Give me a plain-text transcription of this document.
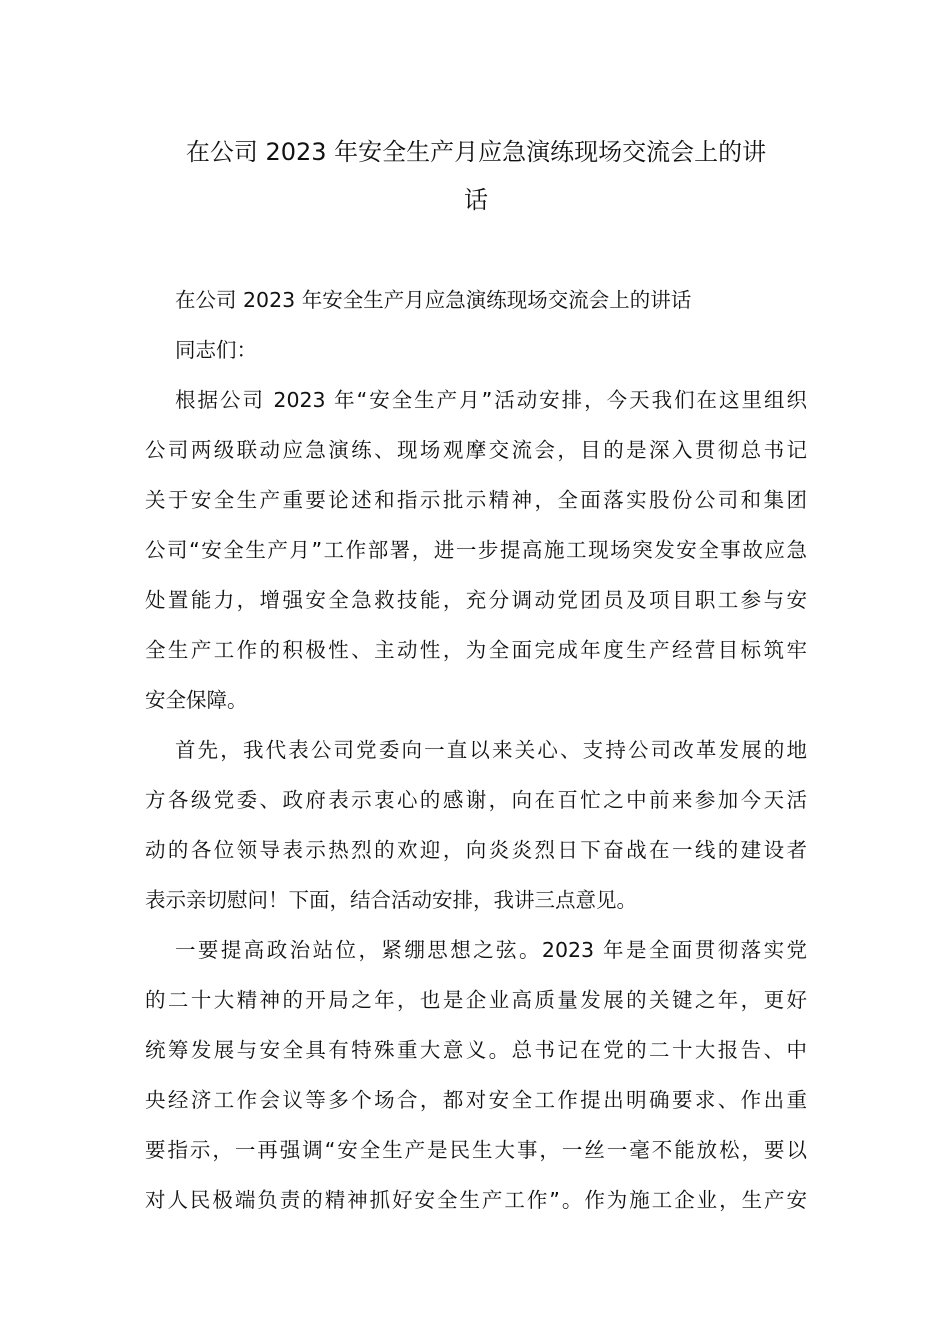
在公司 2023 年安全生产月应急演练现场交流会上的讲
话
在公司 2023 年安全生产月应急演练现场交流会上的讲话
同志们：
根据公司 2023 年“安全生产月”活动安排，今天我们在这里组织
公司两级联动应急演练、现场观摩交流会，目的是深入贯彻总书记
关于安全生产重要论述和指示批示精神，全面落实股份公司和集团
公司“安全生产月”工作部署，进一步提高施工现场突发安全事故应急
处置能力，增强安全急救技能，充分调动党团员及项目职工参与安
全生产工作的积极性、主动性，为全面完成年度生产经营目标筑牢
安全保障。
首先，我代表公司党委向一直以来关心、支持公司改革发展的地
方各级党委、政府表示衷心的感谢，向在百忙之中前来参加今天活
动的各位领导表示热烈的欢迎，向炎炎烈日下奋战在一线的建设者
表示亲切慰问！下面，结合活动安排，我讲三点意见。
一要提高政治站位，紧绷思想之弦。2023 年是全面贯彻落实党
的二十大精神的开局之年，也是企业高质量发展的关键之年，更好
统筹发展与安全具有特殊重大意义。总书记在党的二十大报告、中
央经济工作会议等多个场合，都对安全工作提出明确要求、作出重
要指示，一再强调“安全生产是民生大事，一丝一毫不能放松，要以
对人民极端负责的精神抓好安全生产工作”。作为施工企业，生产安
